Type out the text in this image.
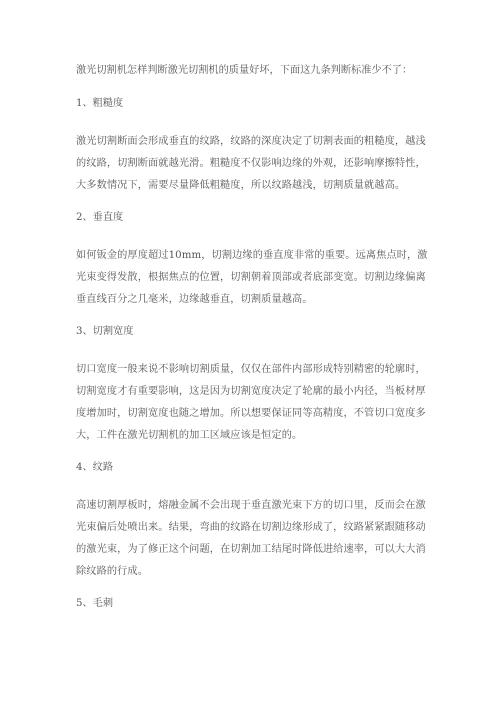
激光切割机怎样判断激光切割机的质量好坏，下面这九条判断标准少不了：
1、粗糙度
激光切割断面会形成垂直的纹路，纹路的深度决定了切割表面的粗糙度，越浅
的纹路，切割断面就越光滑。粗糙度不仅影响边缘的外观，还影响摩擦特性，
大多数情况下，需要尽量降低粗糙度，所以纹路越浅，切割质量就越高。
2、垂直度
如何钣金的厚度超过10mm，切割边缘的垂直度非常的重要。远离焦点时，激
光束变得发散，根据焦点的位置，切割朝着顶部或者底部变宽。切割边缘偏离
垂直线百分之几毫米，边缘越垂直，切割质量越高。
3、切割宽度
切口宽度一般来说不影响切割质量，仅仅在部件内部形成特别精密的轮廓时，
切割宽度才有重要影响，这是因为切割宽度决定了轮廓的最小内径，当板材厚
度增加时，切割宽度也随之增加。所以想要保证同等高精度，不管切口宽度多
大，工件在激光切割机的加工区域应该是恒定的。
4、纹路
高速切割厚板时，熔融金属不会出现于垂直激光束下方的切口里，反而会在激
光束偏后处喷出来。结果，弯曲的纹路在切割边缘形成了，纹路紧紧跟随移动
的激光束，为了修正这个问题，在切割加工结尾时降低进给速率，可以大大消
除纹路的行成。
5、毛刺
